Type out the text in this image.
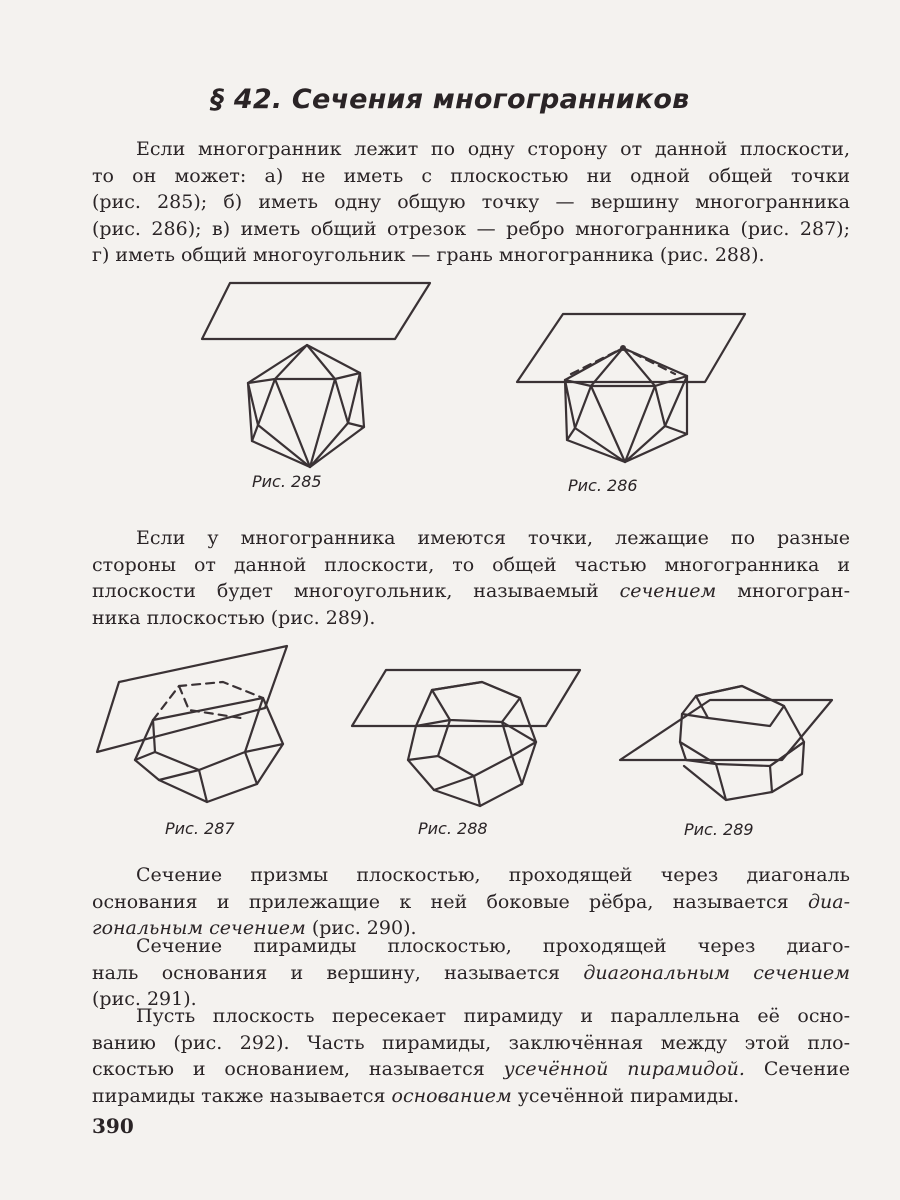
§ 42. Сечения многогранников
Если многогранник лежит по одну сторону от данной плоскости,
то он может: а) не иметь с плоскостью ни одной общей точки
(рис. 285); б) иметь одну общую точку — вершину многогранника
(рис. 286); в) иметь общий отрезок — ребро многогранника (рис. 287);
г) иметь общий многоугольник — грань многогранника (рис. 288).
Рис. 285	Рис. 286
Если у многогранника имеются точки, лежащие по разные
стороны от данной плоскости, то общей частью многогранника и
плоскости будет многоугольник, называемый сечением многогран-
ника плоскостью (рис. 289).
Рис. 287	Рис. 288	Рис. 289
Сечение призмы плоскостью, проходящей через диагональ
основания и прилежащие к ней боковые рёбра, называется диа-
гональным сечением (рис. 290).
Сечение пирамиды плоскостью, проходящей через диаго-
наль основания и вершину, называется диагональным сечением
(рис. 291).
Пусть плоскость пересекает пирамиду и параллельна её осно-
ванию (рис. 292). Часть пирамиды, заключённая между этой пло-
скостью и основанием, называется усечённой пирамидой. Сечение
пирамиды также называется основанием усечённой пирамиды.
390
